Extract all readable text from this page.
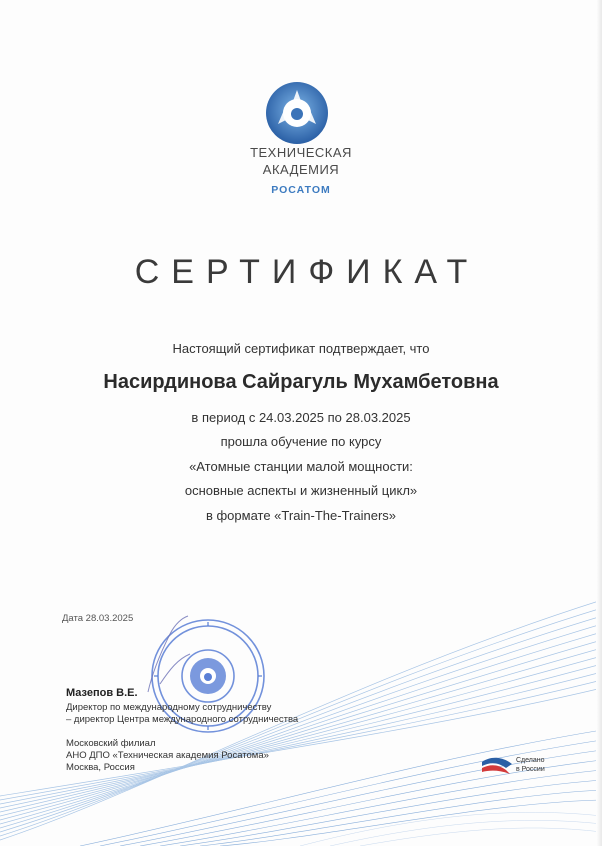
ТЕХНИЧЕСКАЯ
АКАДЕМИЯ
РОСАТОМ
СЕРТИФИКАТ
Настоящий сертификат подтверждает, что
Насирдинова Сайрагуль Мухамбетовна
в период с 24.03.2025 по 28.03.2025
прошла обучение по курсу
«Атомные станции малой мощности:
основные аспекты и жизненный цикл»
в формате «Train-The-Trainers»
Дата 28.03.2025
Мазепов В.Е.
Директор по международному сотрудничеству
– директор Центра международного сотрудничества
Московский филиал
АНО ДПО «Техническая академия Росатома»
Москва, Россия
Сделано
в России
